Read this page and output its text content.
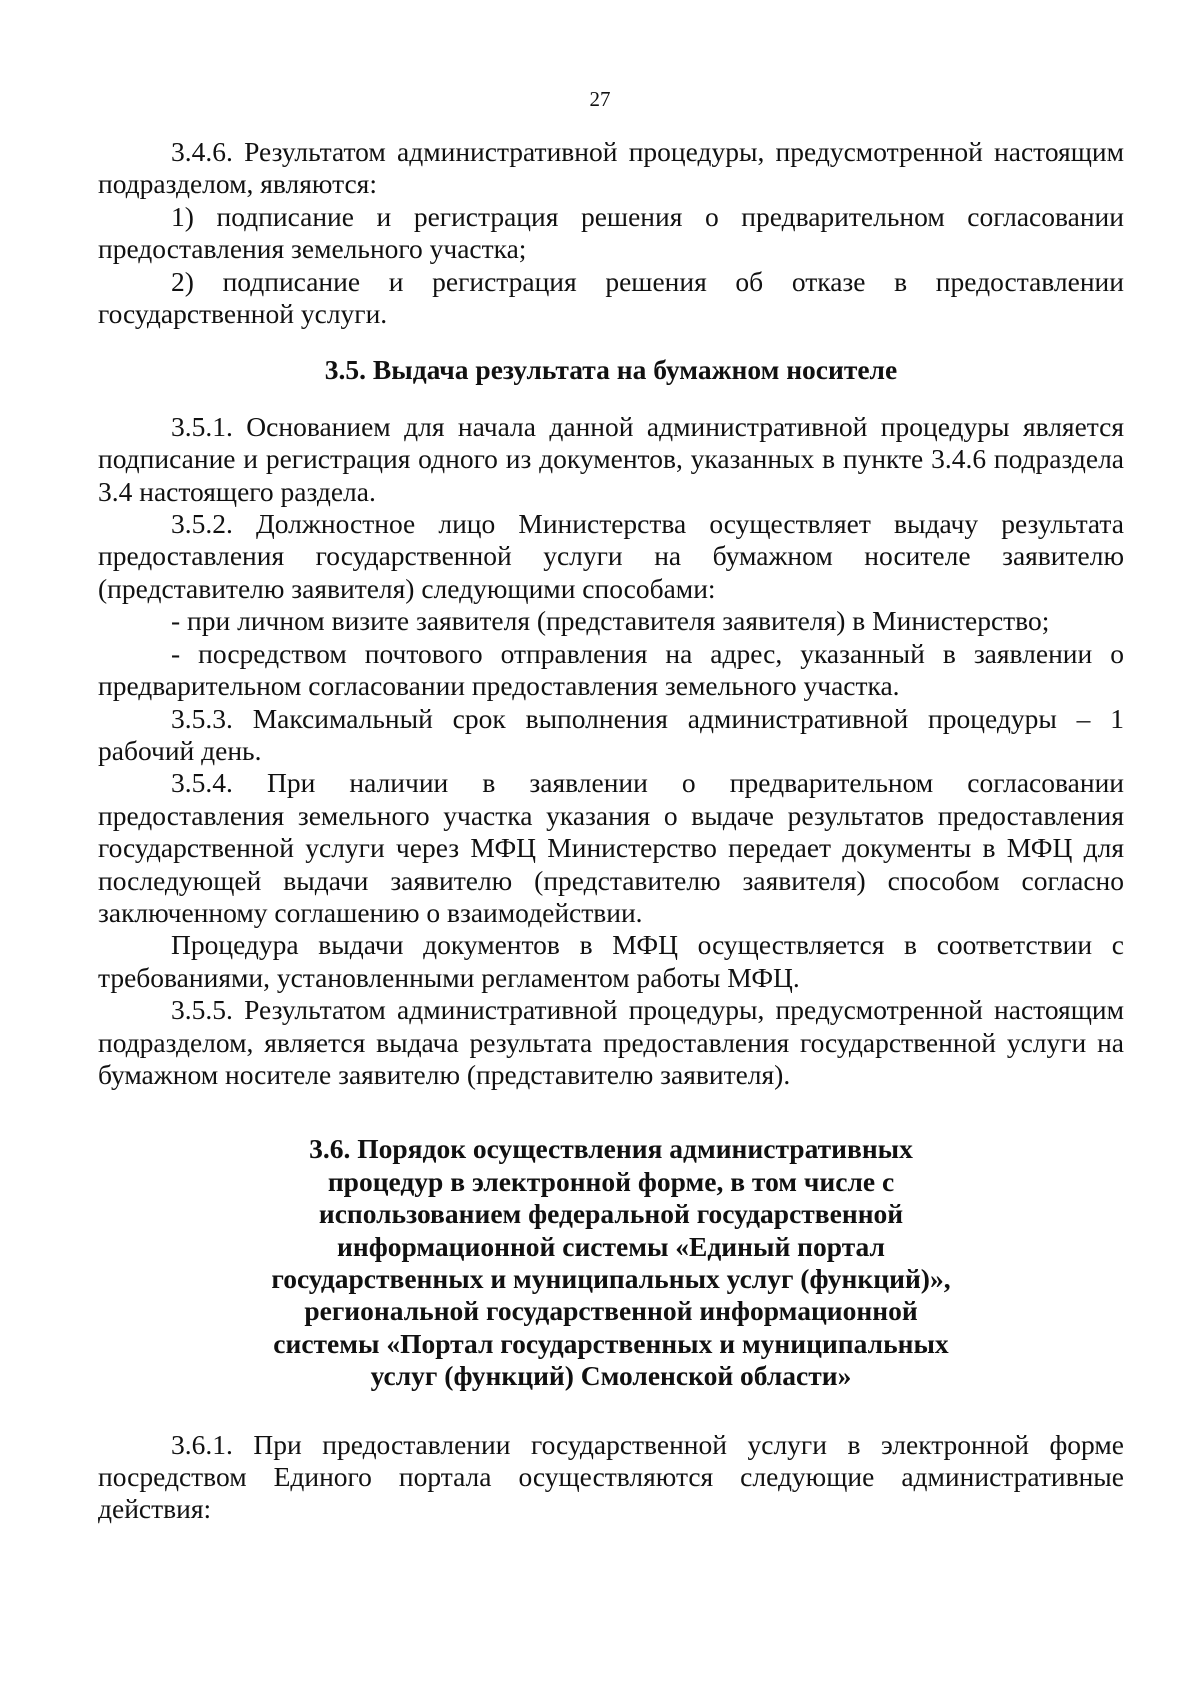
27

3.4.6. Результатом административной процедуры, предусмотренной настоящим подразделом, являются:

1) подписание и регистрация решения о предварительном согласовании предоставления земельного участка;

2) подписание и регистрация решения об отказе в предоставлении государственной услуги.

3.5. Выдача результата на бумажном носителе

3.5.1. Основанием для начала данной административной процедуры является подписание и регистрация одного из документов, указанных в пункте 3.4.6 подраздела 3.4 настоящего раздела.

3.5.2. Должностное лицо Министерства осуществляет выдачу результата предоставления государственной услуги на бумажном носителе заявителю (представителю заявителя) следующими способами:

- при личном визите заявителя (представителя заявителя) в Министерство;

- посредством почтового отправления на адрес, указанный в заявлении о предварительном согласовании предоставления земельного участка.

3.5.3. Максимальный срок выполнения административной процедуры – 1 рабочий день.

3.5.4. При наличии в заявлении о предварительном согласовании предоставления земельного участка указания о выдаче результатов предоставления государственной услуги через МФЦ Министерство передает документы в МФЦ для последующей выдачи заявителю (представителю заявителя) способом согласно заключенному соглашению о взаимодействии.

Процедура выдачи документов в МФЦ осуществляется в соответствии с требованиями, установленными регламентом работы МФЦ.

3.5.5. Результатом административной процедуры, предусмотренной настоящим подразделом, является выдача результата предоставления государственной услуги на бумажном носителе заявителю (представителю заявителя).

3.6. Порядок осуществления административных процедур в электронной форме, в том числе с использованием федеральной государственной информационной системы «Единый портал государственных и муниципальных услуг (функций)», региональной государственной информационной системы «Портал государственных и муниципальных услуг (функций) Смоленской области»

3.6.1. При предоставлении государственной услуги в электронной форме посредством Единого портала осуществляются следующие административные действия:
